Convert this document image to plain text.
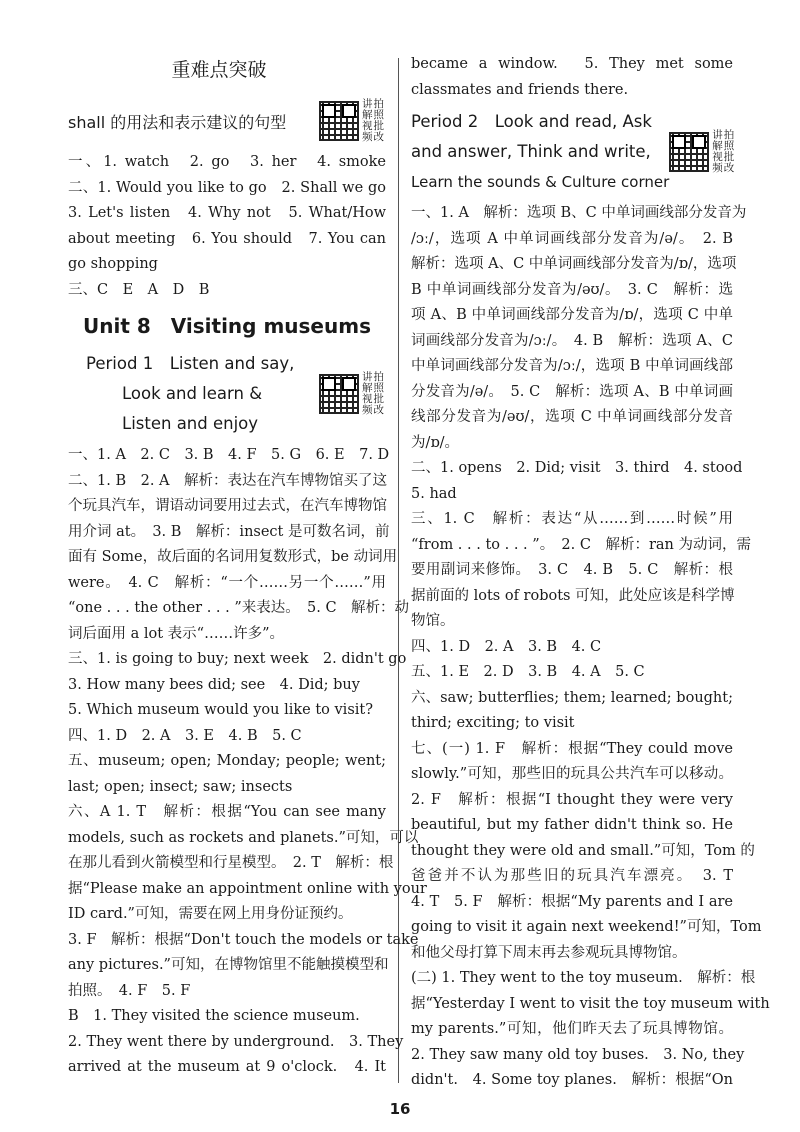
重难点突破
shall 的用法和表示建议的句型
讲拍解照视批频改
一、1. watch　2. go　3. her　4. smoke
二、1. Would you like to go　2. Shall we go
3. Let's listen　4. Why not　5. What/How
about meeting　6. You should　7. You can
go shopping
三、C　E　A　D　B
Unit 8　Visiting museums
Period 1　Listen and say,
Look and learn &
Listen and enjoy
讲拍解照视批频改
一、1. A　2. C　3. B　4. F　5. G　6. E　7. D
二、1. B　2. A　解析：表达在汽车博物馆买了这
个玩具汽车，谓语动词要用过去式，在汽车博物馆
用介词 at。　3. B　解析：insect 是可数名词，前
面有 Some，故后面的名词用复数形式，be 动词用
were。　4. C　解析：“一个……另一个……”用
“one . . . the other . . . ”来表达。　5. C　解析：动
词后面用 a lot 表示“……许多”。
三、1. is going to buy; next week　2. didn't go
3. How many bees did; see　4. Did; buy
5. Which museum would you like to visit?
四、1. D　2. A　3. E　4. B　5. C
五、museum; open; Monday; people; went;
last; open; insect; saw; insects
六、A 1. T　解析：根据“You can see many
models, such as rockets and planets.”可知，可以
在那儿看到火箭模型和行星模型。　2. T　解析：根
据“Please make an appointment online with your
ID card.”可知，需要在网上用身份证预约。
3. F　解析：根据“Don't touch the models or take
any pictures.”可知，在博物馆里不能触摸模型和
拍照。　4. F　5. F
B　1. They visited the science museum.
2. They went there by underground.　3. They
arrived at the museum at 9 o'clock.　4. It
became a window.　5. They met some
classmates and friends there.
Period 2　Look and read, Ask
and answer, Think and write,
Learn the sounds & Culture corner
讲拍解照视批频改
一、1. A　解析：选项 B、C 中单词画线部分发音为
/ɔː/，选项 A 中单词画线部分发音为/ə/。　2. B
解析：选项 A、C 中单词画线部分发音为/ɒ/，选项
B 中单词画线部分发音为/əʊ/。　3. C　解析：选
项 A、B 中单词画线部分发音为/ɒ/，选项 C 中单
词画线部分发音为/ɔː/。　4. B　解析：选项 A、C
中单词画线部分发音为/ɔː/，选项 B 中单词画线部
分发音为/ə/。　5. C　解析：选项 A、B 中单词画
线部分发音为/əʊ/，选项 C 中单词画线部分发音
为/ɒ/。
二、1. opens　2. Did; visit　3. third　4. stood
5. had
三、1. C　解析：表达“从……到……时候”用
“from . . . to . . . ”。　2. C　解析：ran 为动词，需
要用副词来修饰。　3. C　4. B　5. C　解析：根
据前面的 lots of robots 可知，此处应该是科学博
物馆。
四、1. D　2. A　3. B　4. C
五、1. E　2. D　3. B　4. A　5. C
六、saw; butterflies; them; learned; bought;
third; exciting; to visit
七、(一) 1. F　解析：根据“They could move
slowly.”可知，那些旧的玩具公共汽车可以移动。
2. F　解析：根据“I thought they were very
beautiful, but my father didn't think so. He
thought they were old and small.”可知，Tom 的
爸爸并不认为那些旧的玩具汽车漂亮。　3. T
4. T　5. F　解析：根据“My parents and I are
going to visit it again next weekend!”可知，Tom
和他父母打算下周末再去参观玩具博物馆。
(二) 1. They went to the toy museum.　解析：根
据“Yesterday I went to visit the toy museum with
my parents.”可知，他们昨天去了玩具博物馆。
2. They saw many old toy buses.　3. No, they
didn't.　4. Some toy planes.　解析：根据“On
16
